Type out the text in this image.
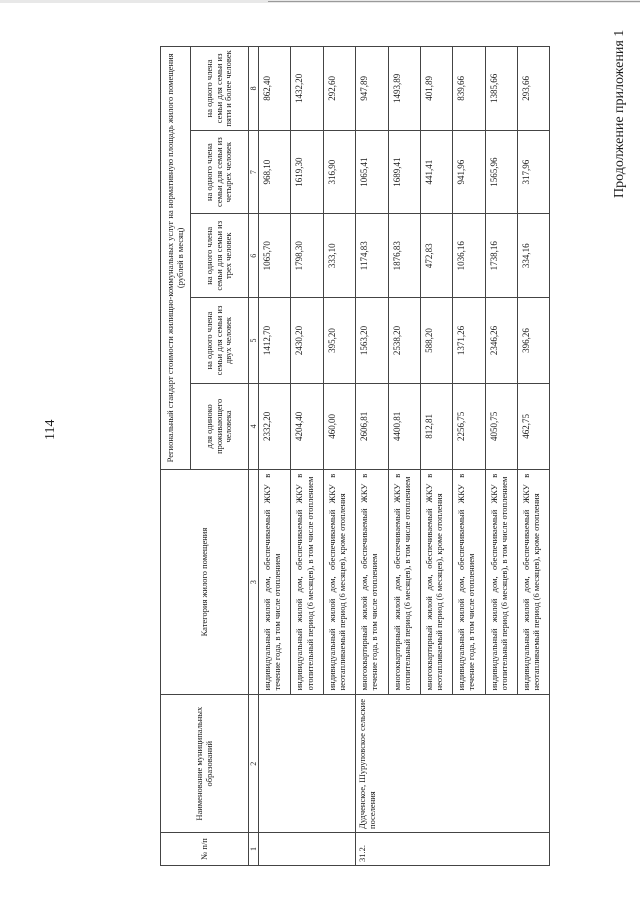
114
Продолжение приложения 1
№ п/п	Наименование муниципальных образований	Категория жилого помещения	Региональный стандарт стоимости жилищно-коммунальных услуг на нормативную площадь жилого помещения (рублей в месяц)				
			для одиноко проживающего человека	на одного члена семьи для семьи из двух человек	на одного члена семьи для семьи из трех человек	на одного члена семьи для семьи из четырех человек	на одного члена семьи для семьи из пяти и более человек
1	2	3	4	5	6	7	8
		индивидуальный жилой дом, обеспечиваемый ЖКУ в течение года, в том числе отоплением	2332,20	1412,70	1065,70	968,10	862,40
		индивидуальный жилой дом, обеспечиваемый ЖКУ в отопительный период (6 месяцев), в том числе отоплением	4204,40	2430,20	1798,30	1619,30	1432,20
		индивидуальный жилой дом, обеспечиваемый ЖКУ в неотапливаемый период (6 месяцев), кроме отопления	460,00	395,20	333,10	316,90	292,60
31.2.	Дудченское, Шуруповское сельские поселения	многоквартирный жилой дом, обеспечиваемый ЖКУ в течение года, в том числе отоплением	2606,81	1563,20	1174,83	1065,41	947,89
		многоквартирный жилой дом, обеспечиваемый ЖКУ в отопительный период (6 месяцев), в том числе отоплением	4400,81	2538,20	1876,83	1689,41	1493,89
		многоквартирный жилой дом, обеспечиваемый ЖКУ в неотапливаемый период (6 месяцев), кроме отопления	812,81	588,20	472,83	441,41	401,89
		индивидуальный жилой дом, обеспечиваемый ЖКУ в течение года, в том числе отоплением	2256,75	1371,26	1036,16	941,96	839,66
		индивидуальный жилой дом, обеспечиваемый ЖКУ в отопительный период (6 месяцев), в том числе отоплением	4050,75	2346,26	1738,16	1565,96	1385,66
		индивидуальный жилой дом, обеспечиваемый ЖКУ в неотапливаемый период (6 месяцев), кроме отопления	462,75	396,26	334,16	317,96	293,66
